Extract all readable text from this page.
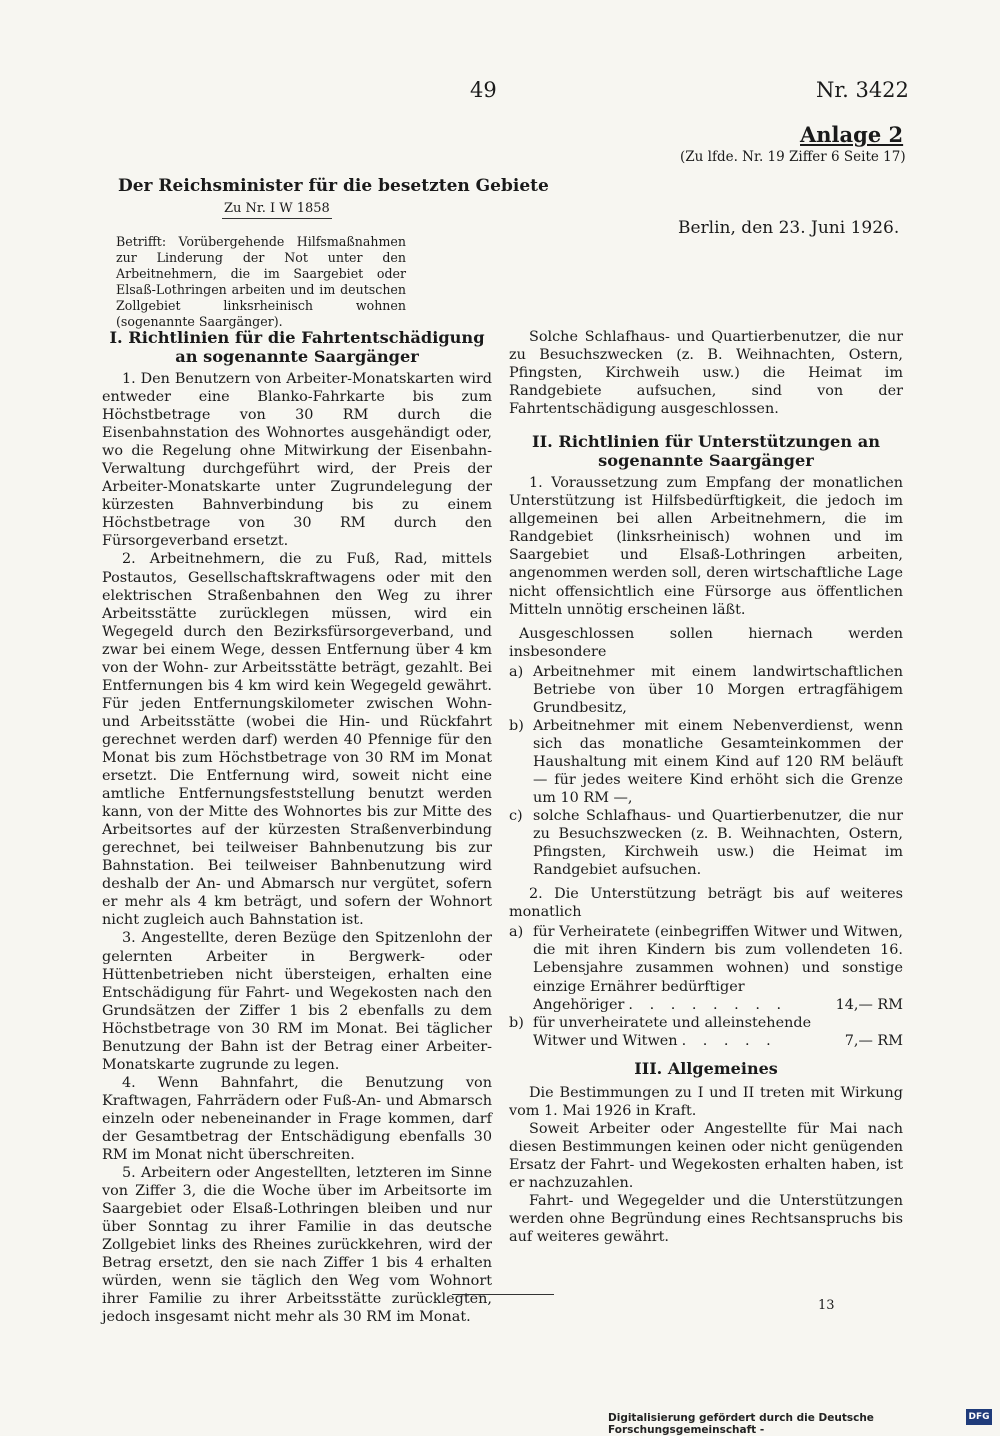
49	Nr. 3422
Anlage 2
(Zu lfde. Nr. 19 Ziffer 6 Seite 17)
Der Reichsminister für die besetzten Gebiete
Zu Nr. I W 1858
Berlin, den 23. Juni 1926.
Betrifft: Vorübergehende Hilfsmaßnahmen zur Linderung der Not unter den Arbeitnehmern, die im Saargebiet oder Elsaß-Lothringen arbeiten und im deutschen Zollgebiet linksrheinisch wohnen (sogenannte Saargänger).
I. Richtlinien für die Fahrtentschädigung an sogenannte Saargänger

1. Den Benutzern von Arbeiter-Monatskarten wird entweder eine Blanko-Fahrkarte bis zum Höchstbetrage von 30 RM durch die Eisenbahnstation des Wohnortes ausgehändigt oder, wo die Regelung ohne Mitwirkung der Eisenbahn-Verwaltung durchgeführt wird, der Preis der Arbeiter-Monatskarte unter Zugrundelegung der kürzesten Bahnverbindung bis zu einem Höchstbetrage von 30 RM durch den Fürsorgeverband ersetzt.

2. Arbeitnehmern, die zu Fuß, Rad, mittels Postautos, Gesellschaftskraftwagens oder mit den elektrischen Straßenbahnen den Weg zu ihrer Arbeitsstätte zurücklegen müssen, wird ein Wegegeld durch den Bezirksfürsorgeverband, und zwar bei einem Wege, dessen Entfernung über 4 km von der Wohn- zur Arbeitsstätte beträgt, gezahlt. Bei Entfernungen bis 4 km wird kein Wegegeld gewährt. Für jeden Entfernungskilometer zwischen Wohn- und Arbeitsstätte (wobei die Hin- und Rückfahrt gerechnet werden darf) werden 40 Pfennige für den Monat bis zum Höchstbetrage von 30 RM im Monat ersetzt. Die Entfernung wird, soweit nicht eine amtliche Entfernungsfeststellung benutzt werden kann, von der Mitte des Wohnortes bis zur Mitte des Arbeitsortes auf der kürzesten Straßenverbindung gerechnet, bei teilweiser Bahnbenutzung bis zur Bahnstation. Bei teilweiser Bahnbenutzung wird deshalb der An- und Abmarsch nur vergütet, sofern er mehr als 4 km beträgt, und sofern der Wohnort nicht zugleich auch Bahnstation ist.

3. Angestellte, deren Bezüge den Spitzenlohn der gelernten Arbeiter in Bergwerk- oder Hüttenbetrieben nicht übersteigen, erhalten eine Entschädigung für Fahrt- und Wegekosten nach den Grundsätzen der Ziffer 1 bis 2 ebenfalls zu dem Höchstbetrage von 30 RM im Monat. Bei täglicher Benutzung der Bahn ist der Betrag einer Arbeiter-Monatskarte zugrunde zu legen.

4. Wenn Bahnfahrt, die Benutzung von Kraftwagen, Fahrrädern oder Fuß-An- und Abmarsch einzeln oder nebeneinander in Frage kommen, darf der Gesamtbetrag der Entschädigung ebenfalls 30 RM im Monat nicht überschreiten.

5. Arbeitern oder Angestellten, letzteren im Sinne von Ziffer 3, die die Woche über im Arbeitsorte im Saargebiet oder Elsaß-Lothringen bleiben und nur über Sonntag zu ihrer Familie in das deutsche Zollgebiet links des Rheines zurückkehren, wird der Betrag ersetzt, den sie nach Ziffer 1 bis 4 erhalten würden, wenn sie täglich den Weg vom Wohnort ihrer Familie zu ihrer Arbeitsstätte zurücklegten, jedoch insgesamt nicht mehr als 30 RM im Monat.

Solche Schlafhaus- und Quartierbenutzer, die nur zu Besuchszwecken (z. B. Weihnachten, Ostern, Pfingsten, Kirchweih usw.) die Heimat im Randgebiete aufsuchen, sind von der Fahrtentschädigung ausgeschlossen.

II. Richtlinien für Unterstützungen an sogenannte Saargänger

1. Voraussetzung zum Empfang der monatlichen Unterstützung ist Hilfsbedürftigkeit, die jedoch im allgemeinen bei allen Arbeitnehmern, die im Randgebiet (linksrheinisch) wohnen und im Saargebiet und Elsaß-Lothringen arbeiten, angenommen werden soll, deren wirtschaftliche Lage nicht offensichtlich eine Fürsorge aus öffentlichen Mitteln unnötig erscheinen läßt.

Ausgeschlossen sollen hiernach werden insbesondere

a) Arbeitnehmer mit einem landwirtschaftlichen Betriebe von über 10 Morgen ertragfähigem Grundbesitz,
b) Arbeitnehmer mit einem Nebenverdienst, wenn sich das monatliche Gesamteinkommen der Haushaltung mit einem Kind auf 120 RM beläuft — für jedes weitere Kind erhöht sich die Grenze um 10 RM —,
c) solche Schlafhaus- und Quartierbenutzer, die nur zu Besuchszwecken (z. B. Weihnachten, Ostern, Pfingsten, Kirchweih usw.) die Heimat im Randgebiet aufsuchen.

2. Die Unterstützung beträgt bis auf weiteres monatlich

a) für Verheiratete (einbegriffen Witwer und Witwen, die mit ihren Kindern bis zum vollendeten 16. Lebensjahre zusammen wohnen) und sonstige einzige Ernährer bedürftiger
Angehöriger . . . . . . . .	14,— RM
b) für unverheiratete und alleinstehende
Witwer und Witwen . . . . .	7,— RM
III. Allgemeines

Die Bestimmungen zu I und II treten mit Wirkung vom 1. Mai 1926 in Kraft.

Soweit Arbeiter oder Angestellte für Mai nach diesen Bestimmungen keinen oder nicht genügenden Ersatz der Fahrt- und Wegekosten erhalten haben, ist er nachzuzahlen.

Fahrt- und Wegegelder und die Unterstützungen werden ohne Begründung eines Rechtsanspruchs bis auf weiteres gewährt.

13
Digitalisierung gefördert durch die Deutsche Forschungsgemeinschaft -
DFG
